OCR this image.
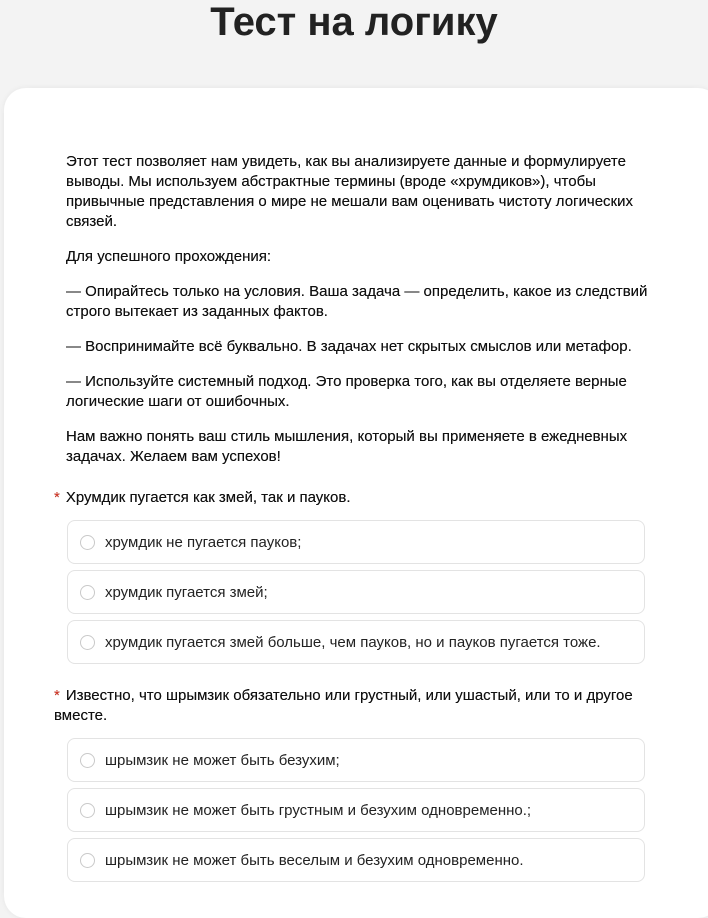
Тест на логику

Этот тест позволяет нам увидеть, как вы анализируете данные и формулируете выводы. Мы используем абстрактные термины (вроде «хрумдиков»), чтобы привычные представления о мире не мешали вам оценивать чистоту логических связей.

Для успешного прохождения:

— Опирайтесь только на условия. Ваша задача — определить, какое из следствий строго вытекает из заданных фактов.

— Воспринимайте всё буквально. В задачах нет скрытых смыслов или метафор.

— Используйте системный подход. Это проверка того, как вы отделяете верные логические шаги от ошибочных.

Нам важно понять ваш стиль мышления, который вы применяете в ежедневных задачах. Желаем вам успехов!

* Хрумдик пугается как змей, так и пауков.
хрумдик не пугается пауков;
хрумдик пугается змей;
хрумдик пугается змей больше, чем пауков, но и пауков пугается тоже.
* Известно, что шрымзик обязательно или грустный, или ушастый, или то и другое вместе.
шрымзик не может быть безухим;
шрымзик не может быть грустным и безухим одновременно.;
шрымзик не может быть веселым и безухим одновременно.
